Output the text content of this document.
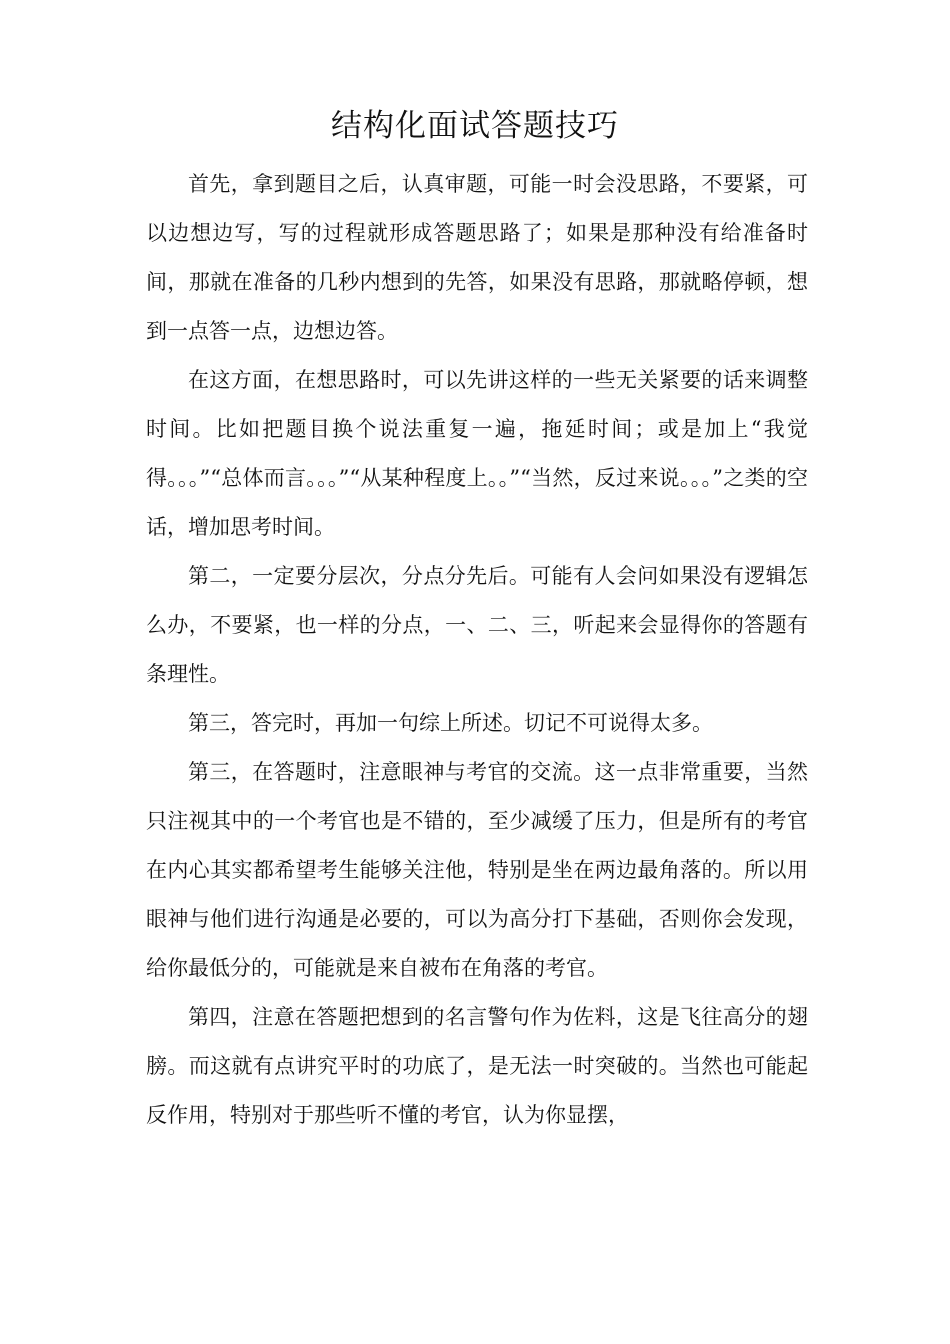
结构化面试答题技巧

首先，拿到题目之后，认真审题，可能一时会没思路，不要紧，可以边想边写，写的过程就形成答题思路了；如果是那种没有给准备时间，那就在准备的几秒内想到的先答，如果没有思路，那就略停顿，想到一点答一点，边想边答。

在这方面，在想思路时，可以先讲这样的一些无关紧要的话来调整时间。比如把题目换个说法重复一遍，拖延时间；或是加上“我觉得。。。”“总体而言。。。”“从某种程度上。。”“当然，反过来说。。。”之类的空话，增加思考时间。

第二，一定要分层次，分点分先后。可能有人会问如果没有逻辑怎么办，不要紧，也一样的分点，一、二、三，听起来会显得你的答题有条理性。

第三，答完时，再加一句综上所述。切记不可说得太多。

第三，在答题时，注意眼神与考官的交流。这一点非常重要，当然只注视其中的一个考官也是不错的，至少减缓了压力，但是所有的考官在内心其实都希望考生能够关注他，特别是坐在两边最角落的。所以用眼神与他们进行沟通是必要的，可以为高分打下基础，否则你会发现，给你最低分的，可能就是来自被布在角落的考官。

第四，注意在答题把想到的名言警句作为佐料，这是飞往高分的翅膀。而这就有点讲究平时的功底了，是无法一时突破的。当然也可能起反作用，特别对于那些听不懂的考官，认为你显摆，
